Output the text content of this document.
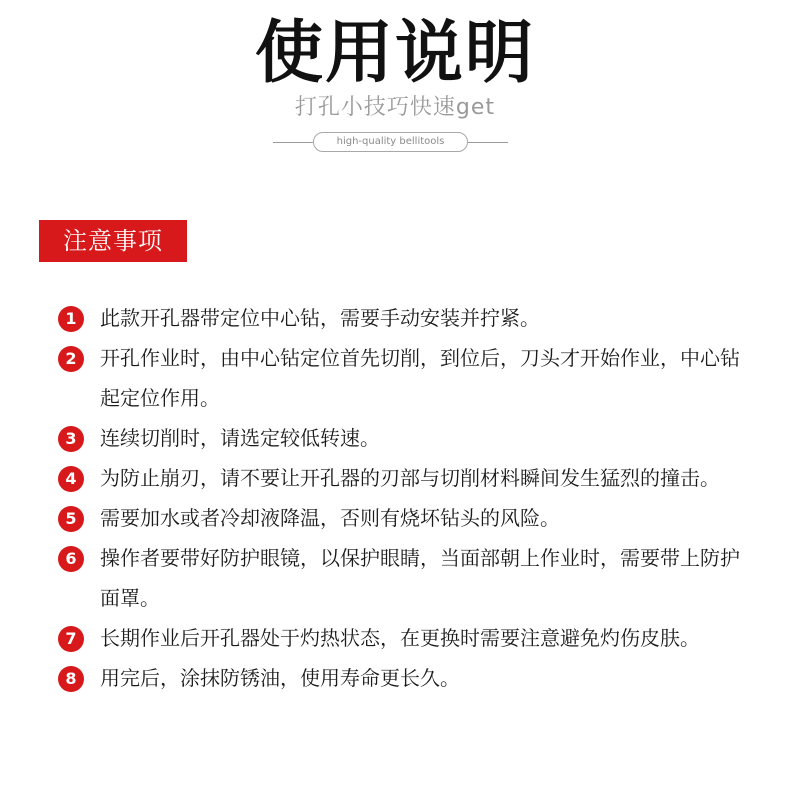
使用说明
打孔小技巧快速get
high-quality bellitools
注意事项
1	此款开孔器带定位中心钻，需要手动安装并拧紧。
2	开孔作业时，由中心钻定位首先切削，到位后，刀头才开始作业，中心钻起定位作用。
3	连续切削时，请选定较低转速。
4	为防止崩刃，请不要让开孔器的刃部与切削材料瞬间发生猛烈的撞击。
5	需要加水或者冷却液降温，否则有烧坏钻头的风险。
6	操作者要带好防护眼镜，以保护眼睛，当面部朝上作业时，需要带上防护面罩。
7	长期作业后开孔器处于灼热状态，在更换时需要注意避免灼伤皮肤。
8	用完后，涂抹防锈油，使用寿命更长久。
